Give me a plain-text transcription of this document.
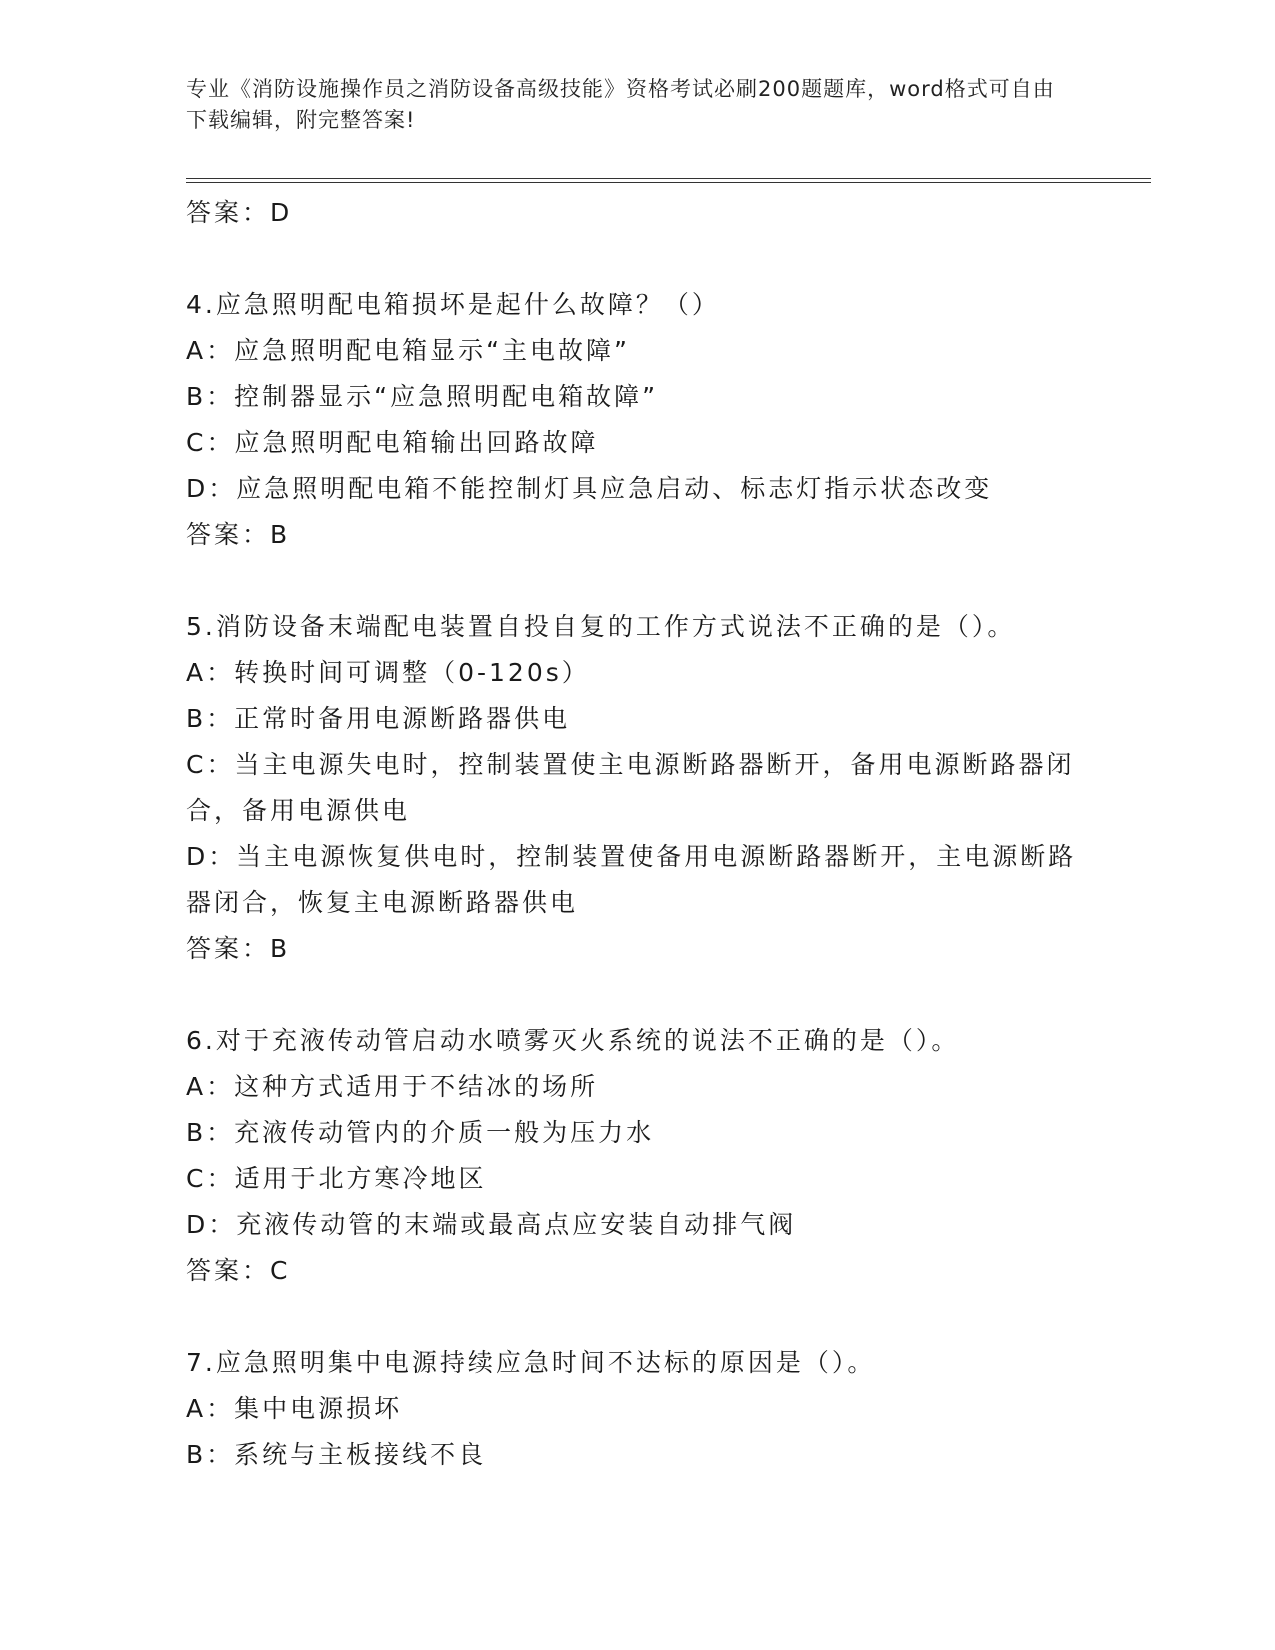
专业《消防设施操作员之消防设备高级技能》资格考试必刷200题题库，word格式可自由下载编辑，附完整答案!
答案：D
4.应急照明配电箱损坏是起什么故障？（）
A：应急照明配电箱显示“主电故障”
B：控制器显示“应急照明配电箱故障”
C：应急照明配电箱输出回路故障
D：应急照明配电箱不能控制灯具应急启动、标志灯指示状态改变
答案：B
5.消防设备末端配电装置自投自复的工作方式说法不正确的是（）。
A：转换时间可调整（0-120s）
B：正常时备用电源断路器供电
C：当主电源失电时，控制装置使主电源断路器断开，备用电源断路器闭合，备用电源供电
D：当主电源恢复供电时，控制装置使备用电源断路器断开，主电源断路器闭合，恢复主电源断路器供电
答案：B
6.对于充液传动管启动水喷雾灭火系统的说法不正确的是（）。
A：这种方式适用于不结冰的场所
B：充液传动管内的介质一般为压力水
C：适用于北方寒冷地区
D：充液传动管的末端或最高点应安装自动排气阀
答案：C
7.应急照明集中电源持续应急时间不达标的原因是（）。
A：集中电源损坏
B：系统与主板接线不良
